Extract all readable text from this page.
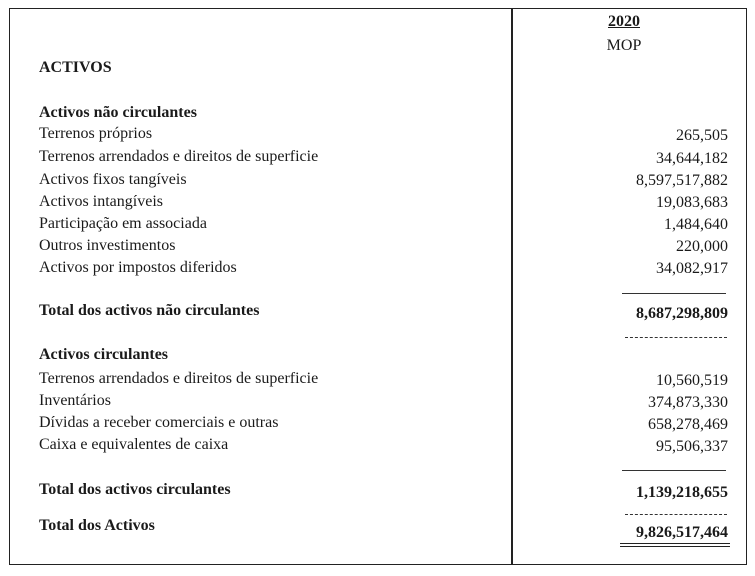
2020
MOP
ACTIVOS
Activos não circulantes
Terrenos próprios	265,505
Terrenos arrendados e direitos de superficie	34,644,182
Activos fixos tangíveis	8,597,517,882
Activos intangíveis	19,083,683
Participação em associada	1,484,640
Outros investimentos	220,000
Activos por impostos diferidos	34,082,917
Total dos activos não circulantes	8,687,298,809
Activos circulantes
Terrenos arrendados e direitos de superficie	10,560,519
Inventários	374,873,330
Dívidas a receber comerciais e outras	658,278,469
Caixa e equivalentes de caixa	95,506,337
Total dos activos circulantes	1,139,218,655
Total dos Activos	9,826,517,464
